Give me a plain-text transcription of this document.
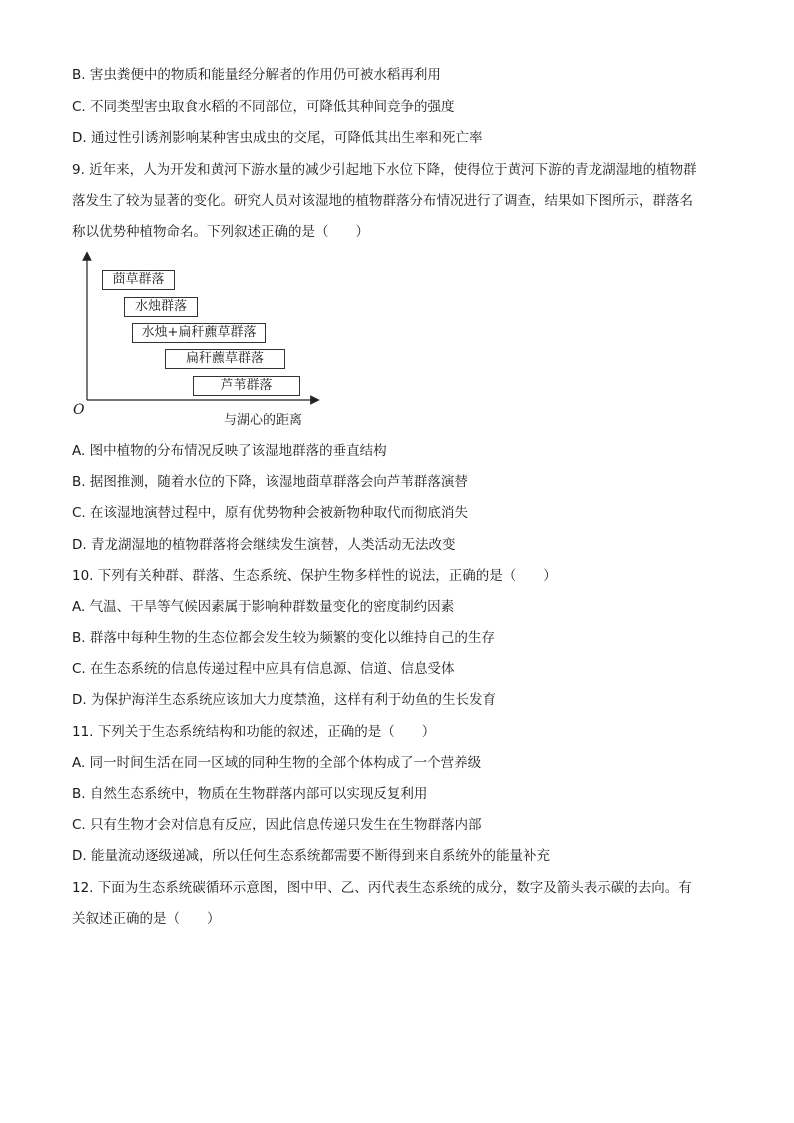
B. 害虫粪便中的物质和能量经分解者的作用仍可被水稻再利用
C. 不同类型害虫取食水稻的不同部位，可降低其种间竞争的强度
D. 通过性引诱剂影响某种害虫成虫的交尾，可降低其出生率和死亡率
9. 近年来，人为开发和黄河下游水量的减少引起地下水位下降，使得位于黄河下游的青龙湖湿地的植物群
落发生了较为显著的变化。研究人员对该湿地的植物群落分布情况进行了调查，结果如下图所示，群落名
称以优势种植物命名。下列叙述正确的是（　　）
莔草群落
水烛群落
水烛+扁秆藨草群落
扁秆藨草群落
芦苇群落
O
与湖心的距离
A. 图中植物的分布情况反映了该湿地群落的垂直结构
B. 据图推测，随着水位的下降，该湿地莔草群落会向芦苇群落演替
C. 在该湿地演替过程中，原有优势物种会被新物种取代而彻底消失
D. 青龙湖湿地的植物群落将会继续发生演替，人类活动无法改变
10. 下列有关种群、群落、生态系统、保护生物多样性的说法，正确的是（　　）
A. 气温、干旱等气候因素属于影响种群数量变化的密度制约因素
B. 群落中每种生物的生态位都会发生较为频繁的变化以维持自己的生存
C. 在生态系统的信息传递过程中应具有信息源、信道、信息受体
D. 为保护海洋生态系统应该加大力度禁渔，这样有利于幼鱼的生长发育
11. 下列关于生态系统结构和功能的叙述，正确的是（　　）
A. 同一时间生活在同一区域的同种生物的全部个体构成了一个营养级
B. 自然生态系统中，物质在生物群落内部可以实现反复利用
C. 只有生物才会对信息有反应，因此信息传递只发生在生物群落内部
D. 能量流动逐级递减，所以任何生态系统都需要不断得到来自系统外的能量补充
12. 下面为生态系统碳循环示意图，图中甲、乙、丙代表生态系统的成分，数字及箭头表示碳的去向。有
关叙述正确的是（　　）
